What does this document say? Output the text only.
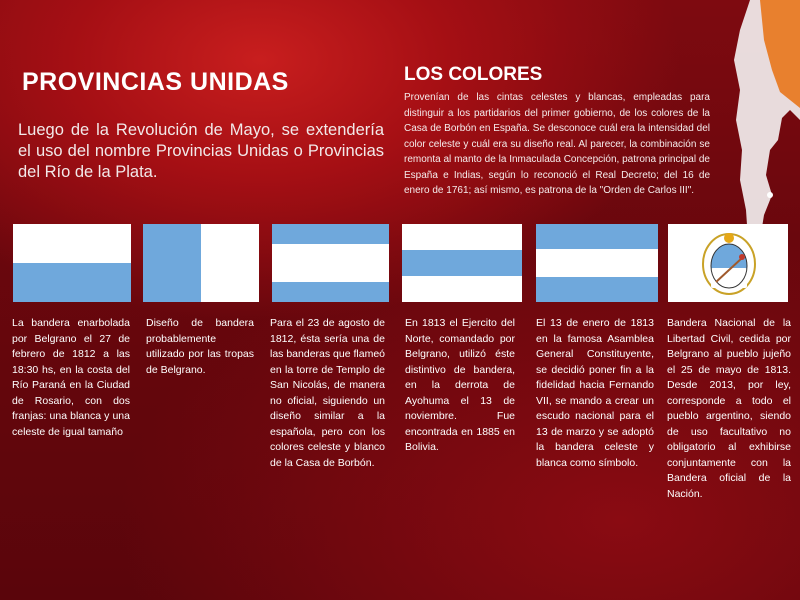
PROVINCIAS UNIDAS
Luego de la Revolución de Mayo, se extendería el uso del nombre Provincias Unidas o Provincias del Río de la Plata.
LOS COLORES
Provenían de las cintas celestes y blancas, empleadas para distinguir a los partidarios del primer gobierno, de los colores de la Casa de Borbón en España. Se desconoce cuál era la intensidad del color celeste y cuál era su diseño real. Al parecer, la combinación se remonta al manto de la Inmaculada Concepción, patrona principal de España e Indias, según lo reconoció el Real Decreto; del 16 de enero de 1761; así mismo, es patrona de la "Orden de Carlos III".
La bandera enarbolada por Belgrano el 27 de febrero de 1812 a las 18:30 hs, en la costa del Río Paraná en la Ciudad de Rosario, con dos franjas: una blanca y una celeste de igual tamaño
Diseño de bandera probablemente utilizado por las tropas de Belgrano.
Para el 23 de agosto de 1812, ésta sería una de las banderas que flameó en la torre de Templo de San Nicolás, de manera no oficial, siguiendo un diseño similar a la española, pero con los colores celeste y blanco de la Casa de Borbón.
En 1813 el Ejercito del Norte, comandado por Belgrano, utilizó éste distintivo de bandera, en la derrota de Ayohuma el 13 de noviembre. Fue encontrada en 1885 en Bolivia.
El 13 de enero de 1813 en la famosa Asamblea General Constituyente, se decidió poner fin a la fidelidad hacia Fernando VII, se mando a crear un escudo nacional para el 13 de marzo y se adoptó la bandera celeste y blanca como símbolo.
Bandera Nacional de la Libertad Civil, cedida por Belgrano al pueblo jujeño el 25 de mayo de 1813. Desde 2013, por ley, corresponde a todo el pueblo argentino, siendo de uso facultativo no obligatorio al exhibirse conjuntamente con la Bandera oficial de la Nación.
